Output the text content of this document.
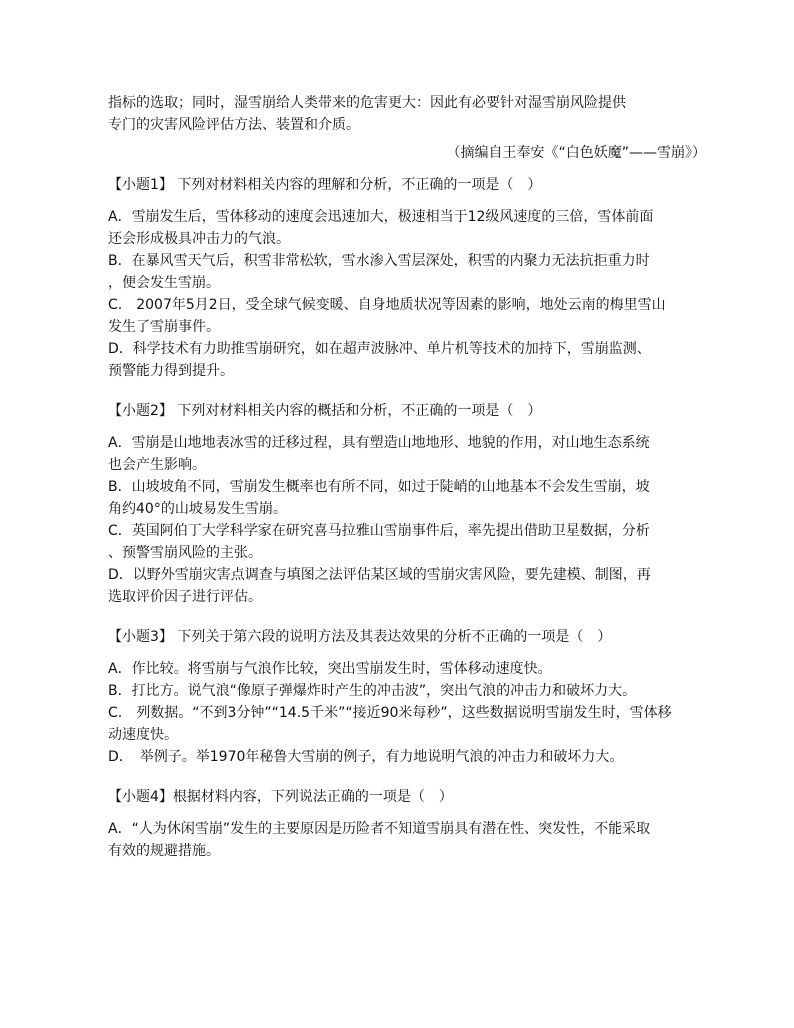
指标的选取；同时，湿雪崩给人类带来的危害更大：因此有必要针对湿雪崩风险提供

专门的灾害风险评估方法、装置和介质。

（摘编自王奉安《“白色妖魔”——雪崩》）

【小题1】 下列对材料相关内容的理解和分析，不正确的一项是（　）

A．雪崩发生后，雪体移动的速度会迅速加大，极速相当于12级风速度的三倍，雪体前面

还会形成极具冲击力的气浪。

B．在暴风雪天气后，积雪非常松软，雪水渗入雪层深处，积雪的内聚力无法抗拒重力时

，便会发生雪崩。

C.　2007年5月2日，受全球气候变暖、自身地质状况等因素的影响，地处云南的梅里雪山

发生了雪崩事件。

D．科学技术有力助推雪崩研究，如在超声波脉冲、单片机等技术的加持下，雪崩监测、

预警能力得到提升。

【小题2】 下列对材料相关内容的概括和分析，不正确的一项是（　）

A．雪崩是山地地表冰雪的迁移过程，具有塑造山地地形、地貌的作用，对山地生态系统

也会产生影响。

B．山坡坡角不同，雪崩发生概率也有所不同，如过于陡峭的山地基本不会发生雪崩，坡

角约40°的山坡易发生雪崩。

C．英国阿伯丁大学科学家在研究喜马拉雅山雪崩事件后，率先提出借助卫星数据，分析

、预警雪崩风险的主张。

D．以野外雪崩灾害点调查与填图之法评估某区域的雪崩灾害风险，要先建模、制图，再

选取评价因子进行评估。

【小题3】 下列关于第六段的说明方法及其表达效果的分析不正确的一项是（　）

A．作比较。将雪崩与气浪作比较，突出雪崩发生时，雪体移动速度快。

B．打比方。说气浪“像原子弹爆炸时产生的冲击波”，突出气浪的冲击力和破坏力大。

C.　列数据。“不到3分钟”“14.5千米”“接近90米每秒”，这些数据说明雪崩发生时，雪体移

动速度快。

D．　举例子。举1970年秘鲁大雪崩的例子，有力地说明气浪的冲击力和破坏力大。

【小题4】根据材料内容，下列说法正确的一项是（　）

A．“人为休闲雪崩”发生的主要原因是历险者不知道雪崩具有潜在性、突发性，不能采取

有效的规避措施。
